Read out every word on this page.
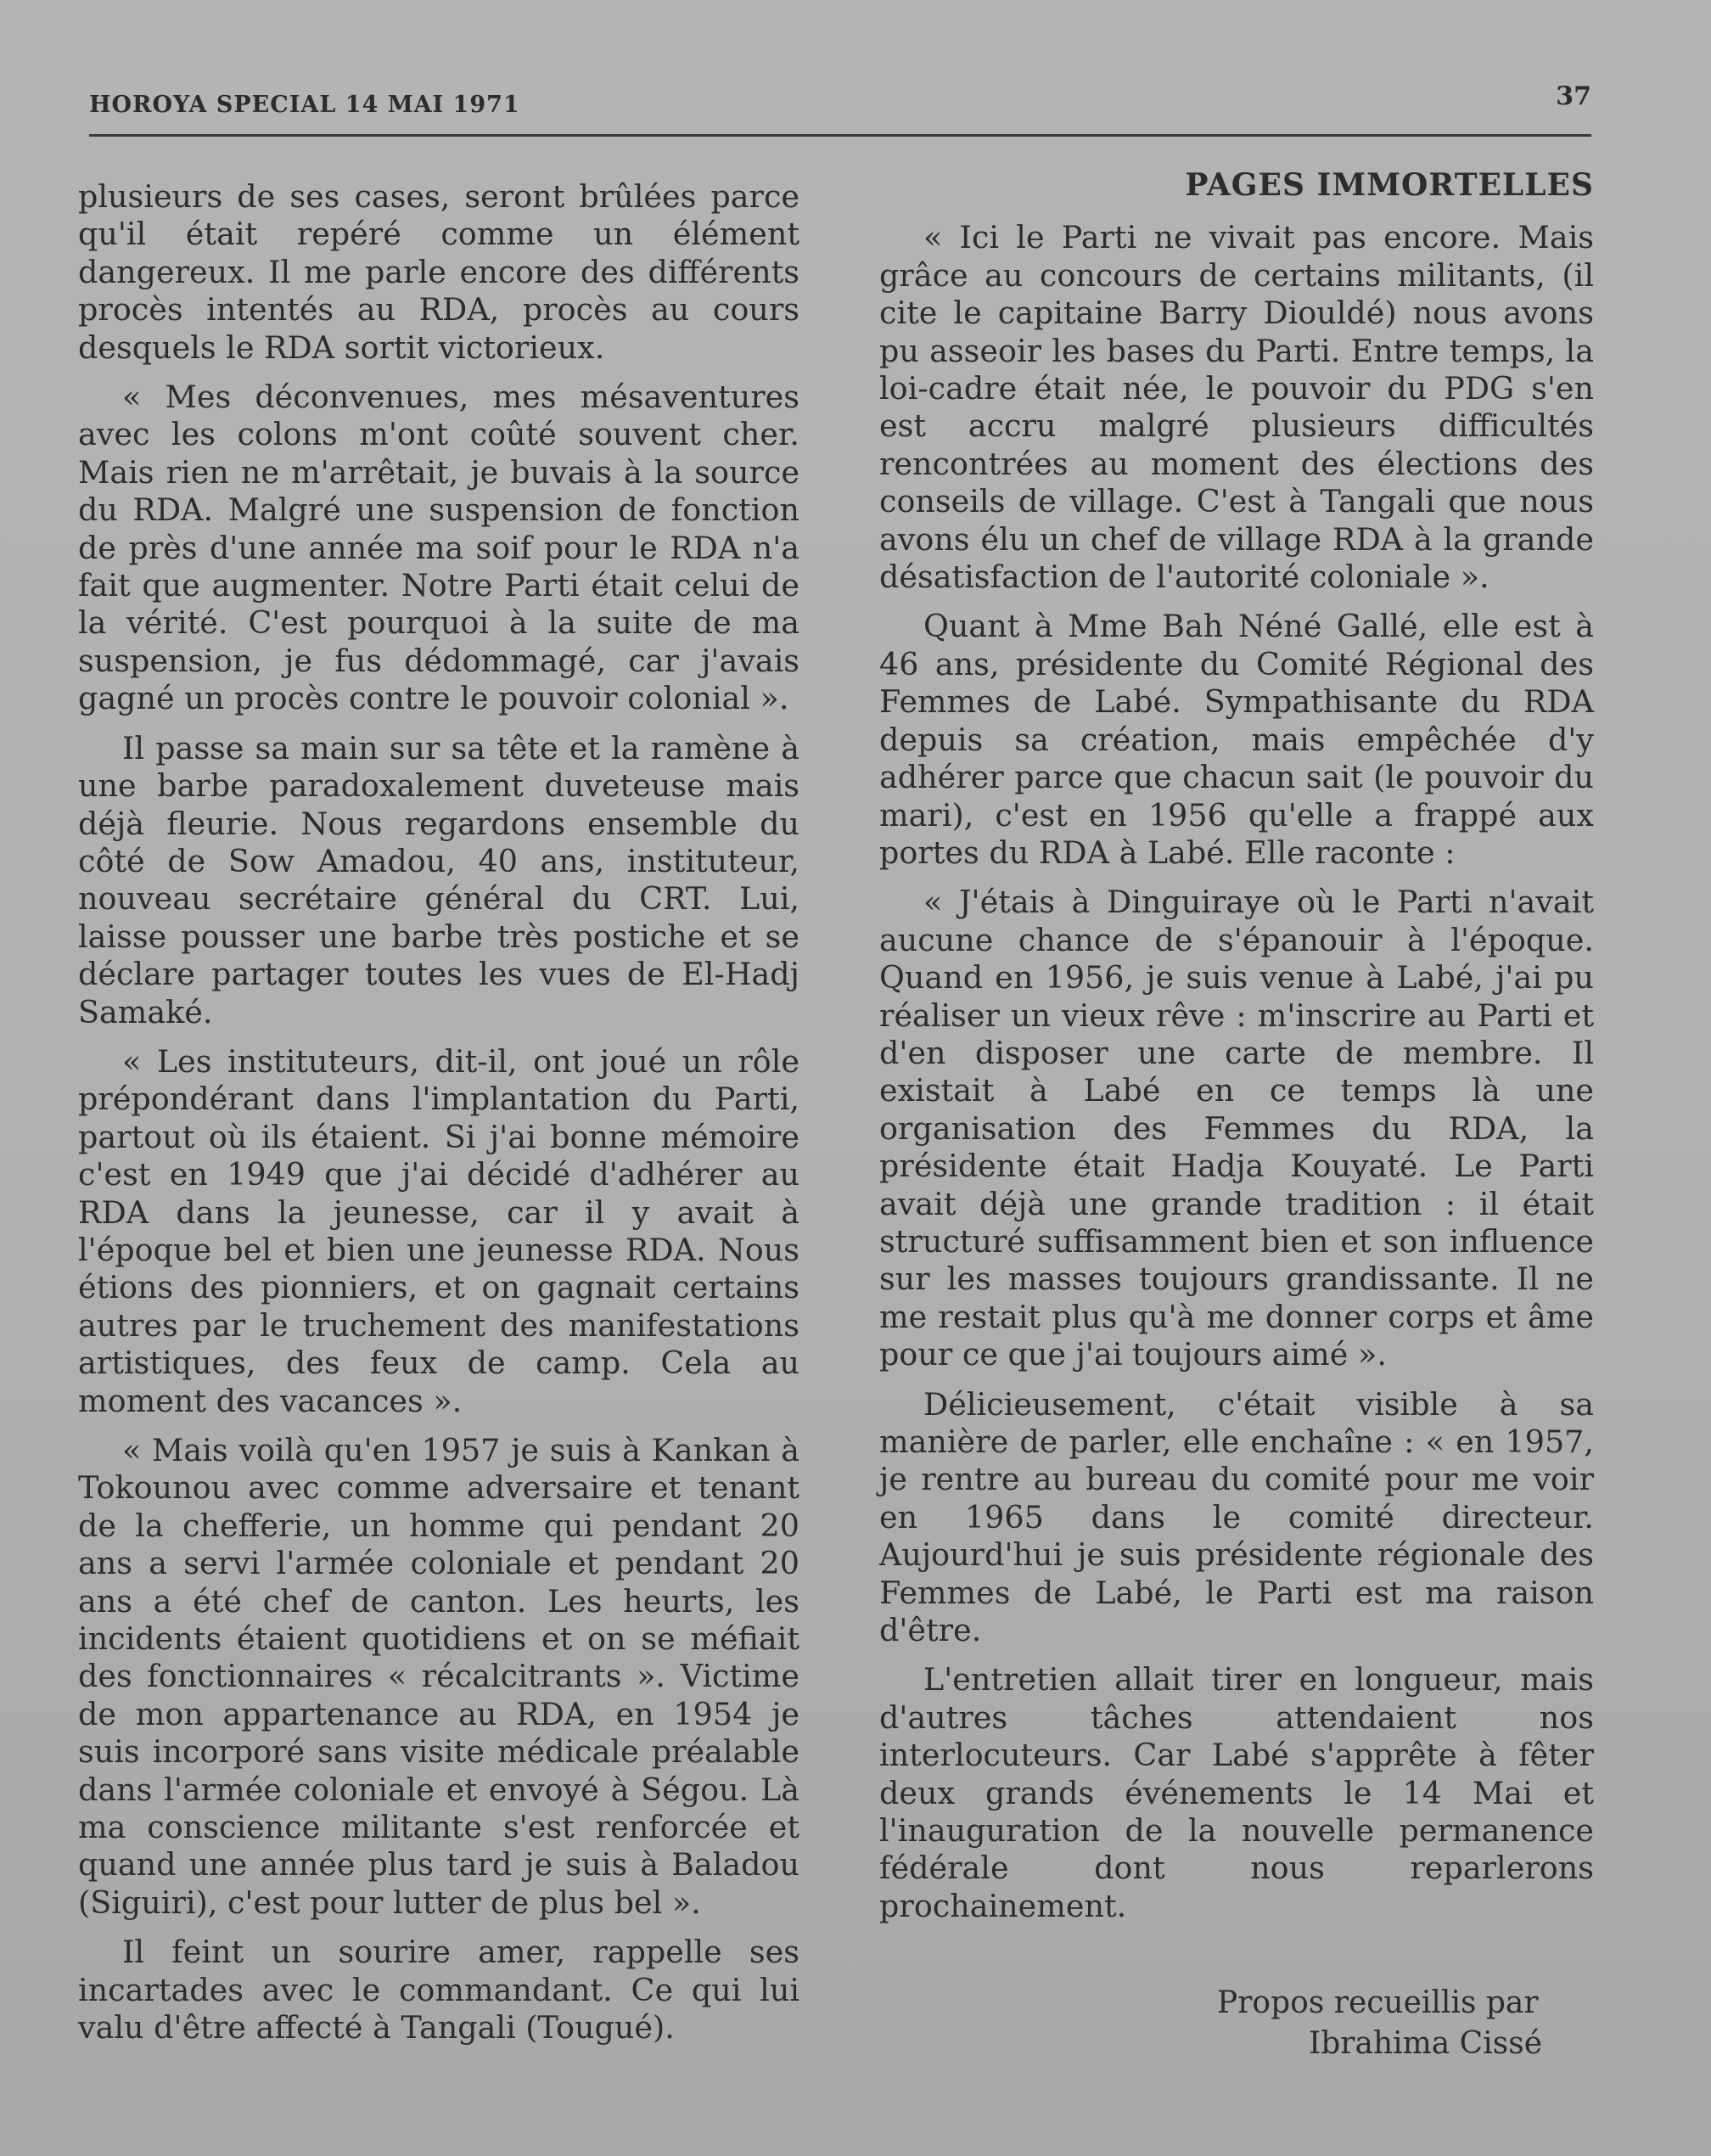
HOROYA SPECIAL 14 MAI 1971	37

plusieurs de ses cases, seront brûlées parce qu'il était repéré comme un élément dangereux. Il me parle encore des différents procès intentés au RDA, procès au cours desquels le RDA sortit victorieux.

« Mes déconvenues, mes mésaventures avec les colons m'ont coûté souvent cher. Mais rien ne m'arrêtait, je buvais à la source du RDA. Malgré une suspension de fonction de près d'une année ma soif pour le RDA n'a fait que augmenter. Notre Parti était celui de la vérité. C'est pourquoi à la suite de ma suspension, je fus dédommagé, car j'avais gagné un procès contre le pouvoir colonial ».

Il passe sa main sur sa tête et la ramène à une barbe paradoxalement duveteuse mais déjà fleurie. Nous regardons ensemble du côté de Sow Amadou, 40 ans, instituteur, nouveau secrétaire général du CRT. Lui, laisse pousser une barbe très postiche et se déclare partager toutes les vues de El-Hadj Samaké.

« Les instituteurs, dit-il, ont joué un rôle prépondérant dans l'implantation du Parti, partout où ils étaient. Si j'ai bonne mémoire c'est en 1949 que j'ai décidé d'adhérer au RDA dans la jeunesse, car il y avait à l'époque bel et bien une jeunesse RDA. Nous étions des pionniers, et on gagnait certains autres par le truchement des manifestations artistiques, des feux de camp. Cela au moment des vacances ».

« Mais voilà qu'en 1957 je suis à Kankan à Tokounou avec comme adversaire et tenant de la chefferie, un homme qui pendant 20 ans a servi l'armée coloniale et pendant 20 ans a été chef de canton. Les heurts, les incidents étaient quotidiens et on se méfiait des fonctionnaires « récalcitrants ». Victime de mon appartenance au RDA, en 1954 je suis incorporé sans visite médicale préalable dans l'armée coloniale et envoyé à Ségou. Là ma conscience militante s'est renforcée et quand une année plus tard je suis à Baladou (Siguiri), c'est pour lutter de plus bel ».

Il feint un sourire amer, rappelle ses incartades avec le commandant. Ce qui lui valu d'être affecté à Tangali (Tougué).

PAGES IMMORTELLES

« Ici le Parti ne vivait pas encore. Mais grâce au concours de certains militants, (il cite le capitaine Barry Diouldé) nous avons pu asseoir les bases du Parti. Entre temps, la loi-cadre était née, le pouvoir du PDG s'en est accru malgré plusieurs difficultés rencontrées au moment des élections des conseils de village. C'est à Tangali que nous avons élu un chef de village RDA à la grande désatisfaction de l'autorité coloniale ».

Quant à Mme Bah Néné Gallé, elle est à 46 ans, présidente du Comité Régional des Femmes de Labé. Sympathisante du RDA depuis sa création, mais empêchée d'y adhérer parce que chacun sait (le pouvoir du mari), c'est en 1956 qu'elle a frappé aux portes du RDA à Labé. Elle raconte :

« J'étais à Dinguiraye où le Parti n'avait aucune chance de s'épanouir à l'époque. Quand en 1956, je suis venue à Labé, j'ai pu réaliser un vieux rêve : m'inscrire au Parti et d'en disposer une carte de membre. Il existait à Labé en ce temps là une organisation des Femmes du RDA, la présidente était Hadja Kouyaté. Le Parti avait déjà une grande tradition : il était structuré suffisamment bien et son influence sur les masses toujours grandissante. Il ne me restait plus qu'à me donner corps et âme pour ce que j'ai toujours aimé ».

Délicieusement, c'était visible à sa manière de parler, elle enchaîne : « en 1957, je rentre au bureau du comité pour me voir en 1965 dans le comité directeur. Aujourd'hui je suis présidente régionale des Femmes de Labé, le Parti est ma raison d'être.

L'entretien allait tirer en longueur, mais d'autres tâches attendaient nos interlocuteurs. Car Labé s'apprête à fêter deux grands événements le 14 Mai et l'inauguration de la nouvelle permanence fédérale dont nous reparlerons prochainement.

Propos recueillis par
Ibrahima Cissé
